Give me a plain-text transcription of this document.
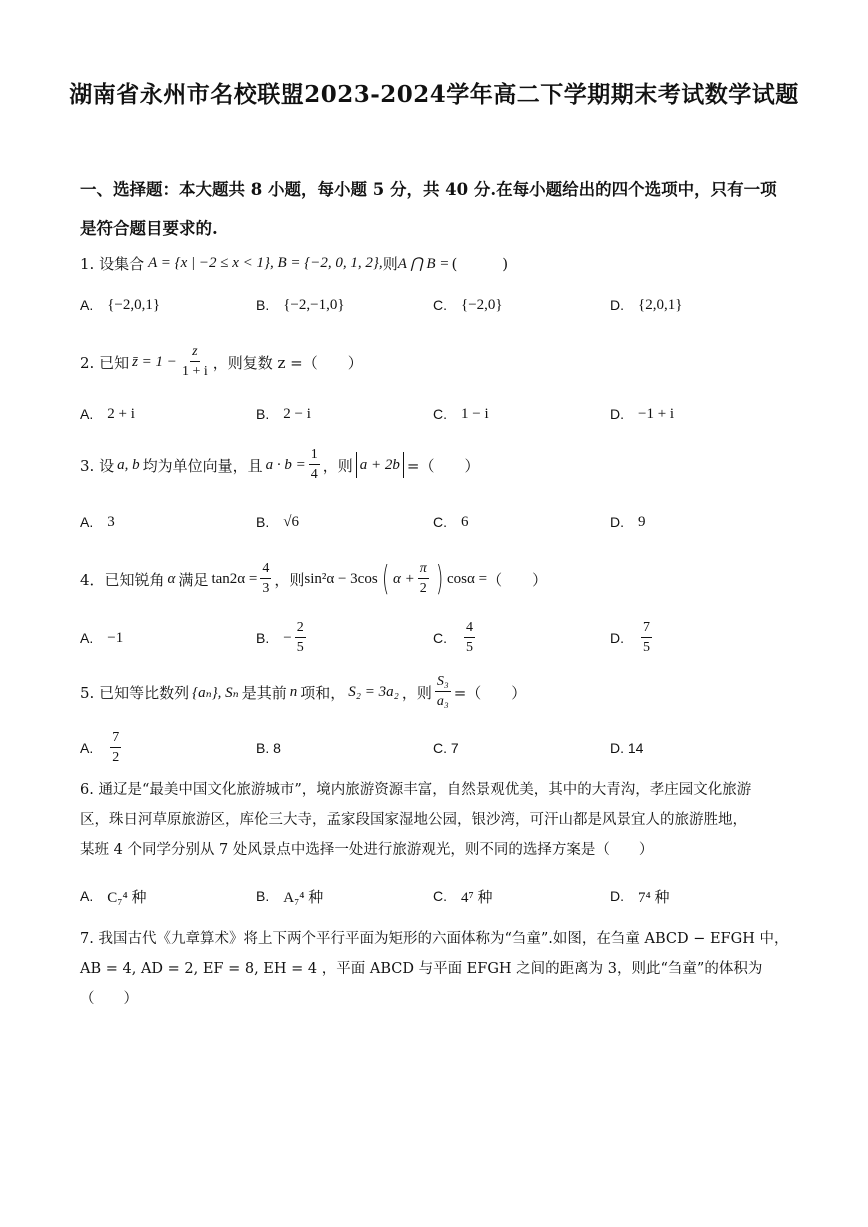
湖南省永州市名校联盟2023-2024学年高二下学期期末考试数学试题
一、选择题：本大题共 8 小题，每小题 5 分，共 40 分.在每小题给出的四个选项中，只有一项
是符合题目要求的.
1. 设集合 A = {x | −2 ≤ x < 1}, B = {−2, 0, 1, 2}, 则 A ⋂ B = (　　　)
A. {−2,0,1}	B. {−2,−1,0}	C. {−2,0}	D. {2,0,1}
2. 已知 z̄ = $1 - \frac{z}{1 + i}$ ，则复数 z =（　　）
A. 2 + i	B. 2 − i	C. 1 − i	D. −1 + i
3. 设 a, b 均为单位向量，且 $a \cdot b = \frac{1}{4}$ ，则 a + 2b =（　　）
A. 3	B. √6	C. 6	D. 9
4．已知锐角 α 满足 $\tan 2\alpha = \frac{4}{3}$ ，则 sin²α − 3cos ( $\alpha + \frac{\pi}{2}$ ) cosα = （　　）
A. −1	B. − $\frac{2}{5}$	C. $\frac{4}{5}$	D. $\frac{7}{5}$
5. 已知等比数列 {aₙ}, Sₙ 是其前 n 项和， S₂ = 3a₂ ，则 $\frac{\text{S₃}}{\text{a₃}}$ =（　　）
A. $\frac{7}{2}$	B. 8	C. 7	D. 14
6. 通辽是“最美中国文化旅游城市”，境内旅游资源丰富，自然景观优美，其中的大青沟，孝庄园文化旅游
区，珠日河草原旅游区，库伦三大寺，孟家段国家湿地公园，银沙湾，可汗山都是风景宜人的旅游胜地，
某班 4 个同学分别从 7 处风景点中选择一处进行旅游观光，则不同的选择方案是（　　）
A. C₇⁴ 种	B. A₇⁴ 种	C. 4⁷ 种	D. 7⁴ 种
7. 我国古代《九章算术》将上下两个平行平面为矩形的六面体称为“刍童”.如图，在刍童 ABCD − EFGH 中，
AB = 4, AD = 2, EF = 8, EH = 4 ，平面 ABCD 与平面 EFGH 之间的距离为 3，则此“刍童”的体积为
（　　）
